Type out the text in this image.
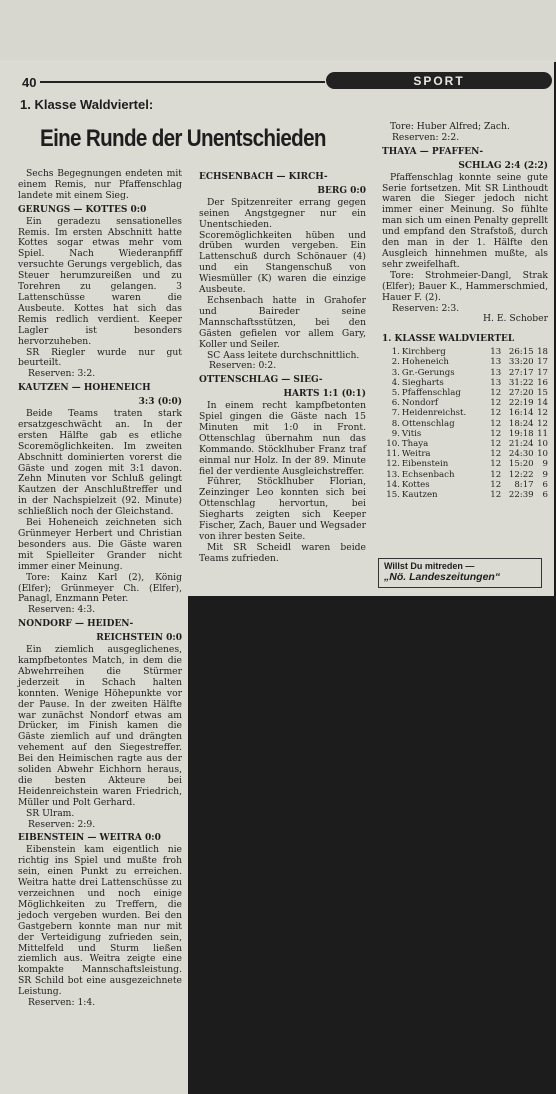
40	SPORT
1. Klasse Waldviertel:
Eine Runde der Unentschieden

Sechs Begegnungen endeten mit einem Remis, nur Pfaffenschlag landete mit einem Sieg.

GERUNGS — KOTTES 0:0

Ein geradezu sensationelles Remis. Im ersten Abschnitt hatte Kottes sogar etwas mehr vom Spiel. Nach Wiederanpfiff versuchte Gerungs vergeblich, das Steuer herumzureißen und zu Torehren zu gelangen. 3 Lattenschüsse waren die Ausbeute. Kottes hat sich das Remis redlich verdient. Keeper Lagler ist besonders hervorzuheben.

SR Riegler wurde nur gut beurteilt.

Reserven: 3:2.

KAUTZEN — HOHENEICH
3:3 (0:0)

Beide Teams traten stark ersatzgeschwächt an. In der ersten Hälfte gab es etliche Scoremöglichkeiten. Im zweiten Abschnitt dominierten vorerst die Gäste und zogen mit 3:1 davon. Zehn Minuten vor Schluß gelingt Kautzen der Anschlußtreffer und in der Nachspielzeit (92. Minute) schließlich noch der Gleichstand.

Bei Hoheneich zeichneten sich Grünmeyer Herbert und Christian besonders aus. Die Gäste waren mit Spielleiter Grander nicht immer einer Meinung.

Tore: Kainz Karl (2), König (Elfer); Grünmeyer Ch. (Elfer), Panagl, Enzmann Peter.

Reserven: 4:3.

NONDORF — HEIDEN-
REICHSTEIN 0:0

Ein ziemlich ausgeglichenes, kampfbetontes Match, in dem die Abwehrreihen die Stürmer jederzeit in Schach halten konnten. Wenige Höhepunkte vor der Pause. In der zweiten Hälfte war zunächst Nondorf etwas am Drücker, im Finish kamen die Gäste ziemlich auf und drängten vehement auf den Siegestreffer. Bei den Heimischen ragte aus der soliden Abwehr Eichhorn heraus, die besten Akteure bei Heidenreichstein waren Friedrich, Müller und Polt Gerhard.

SR Ulram.

Reserven: 2:9.

EIBENSTEIN — WEITRA 0:0

Eibenstein kam eigentlich nie richtig ins Spiel und mußte froh sein, einen Punkt zu erreichen. Weitra hatte drei Lattenschüsse zu verzeichnen und noch einige Möglichkeiten zu Treffern, die jedoch vergeben wurden. Bei den Gastgebern konnte man nur mit der Verteidigung zufrieden sein, Mittelfeld und Sturm ließen ziemlich aus. Weitra zeigte eine kompakte Mannschaftsleistung. SR Schild bot eine ausgezeichnete Leistung.

Reserven: 1:4.

ECHSENBACH — KIRCH-
BERG 0:0

Der Spitzenreiter errang gegen seinen Angstgegner nur ein Unentschieden. Scoremöglichkeiten hüben und drüben wurden vergeben. Ein Lattenschuß durch Schönauer (4) und ein Stangenschuß von Wiesmüller (K) waren die einzige Ausbeute.

Echsenbach hatte in Grahofer und Baireder seine Mannschaftsstützen, bei den Gästen gefielen vor allem Gary, Koller und Seiler.

SC Aass leitete durchschnittlich.

Reserven: 0:2.

OTTENSCHLAG — SIEG-
HARTS 1:1 (0:1)

In einem recht kampfbetonten Spiel gingen die Gäste nach 15 Minuten mit 1:0 in Front. Ottenschlag übernahm nun das Kommando. Stöcklhuber Franz traf einmal nur Holz. In der 89. Minute fiel der verdiente Ausgleichstreffer.

Führer, Stöcklhuber Florian, Zeinzinger Leo konnten sich bei Ottenschlag hervortun, bei Siegharts zeigten sich Keeper Fischer, Zach, Bauer und Wegsader von ihrer besten Seite.

Mit SR Scheidl waren beide Teams zufrieden.

Tore: Huber Alfred; Zach.

Reserven: 2:2.

THAYA — PFAFFEN-
SCHLAG 2:4 (2:2)

Pfaffenschlag konnte seine gute Serie fortsetzen. Mit SR Linthoudt waren die Sieger jedoch nicht immer einer Meinung. So fühlte man sich um einen Penalty geprellt und empfand den Strafstoß, durch den man in der 1. Hälfte den Ausgleich hinnehmen mußte, als sehr zweifelhaft.

Tore: Strohmeier-Dangl, Strak (Elfer); Bauer K., Hammerschmied, Hauer F. (2).

Reserven: 2:3.

H. E. Schober

1. KLASSE WALDVIERTEL
1.	Kirchberg	13	26:15	18
2.	Hoheneich	13	33:20	17
3.	Gr.-Gerungs	13	27:17	17
4.	Siegharts	13	31:22	16
5.	Pfaffenschlag	12	27:20	15
6.	Nondorf	12	22:19	14
7.	Heidenreichst.	12	16:14	12
8.	Ottenschlag	12	18:24	12
9.	Vitis	12	19:18	11
10.	Thaya	12	21:24	10
11.	Weitra	12	24:30	10
12.	Eibenstein	12	15:20	9
13.	Echsenbach	12	12:22	9
14.	Kottes	12	8:17	6
15.	Kautzen	12	22:39	6
Willst Du mitreden —
„Nö. Landeszeitungen“
